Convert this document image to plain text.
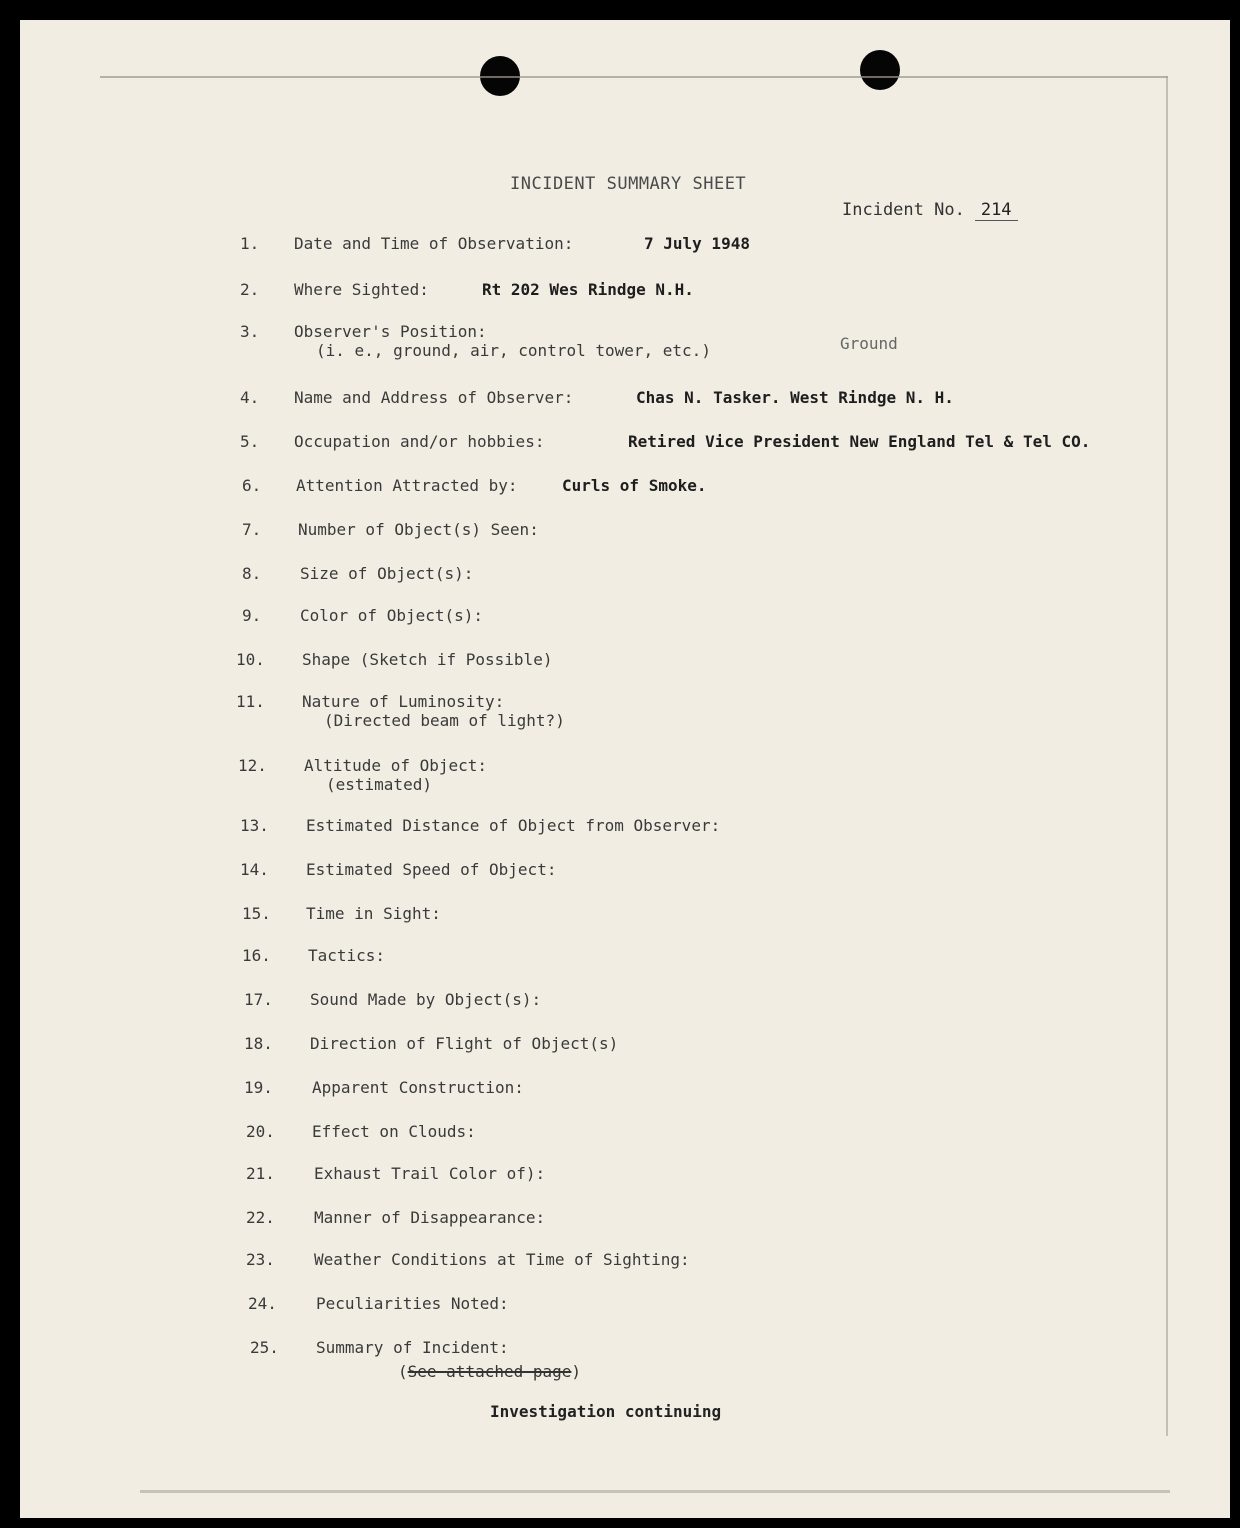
INCIDENT SUMMARY SHEET
Incident No. 214
1.	Date and Time of Observation:	7 July 1948
2.	Where Sighted:	Rt 202 Wes Rindge N.H.
3.	Observer's Position:
(i. e., ground, air, control tower, etc.)	Ground
4.	Name and Address of Observer:	Chas N. Tasker. West Rindge N. H.
5.	Occupation and/or hobbies:	Retired Vice President New England Tel & Tel CO.
6.	Attention Attracted by:	Curls of Smoke.
7.	Number of Object(s) Seen:
8.	Size of Object(s):
9.	Color of Object(s):
10.	Shape (Sketch if Possible)
11.	Nature of Luminosity:
(Directed beam of light?)
12.	Altitude of Object:
(estimated)
13.	Estimated Distance of Object from Observer:
14.	Estimated Speed of Object:
15.	Time in Sight:
16.	Tactics:
17.	Sound Made by Object(s):
18.	Direction of Flight of Object(s)
19.	Apparent Construction:
20.	Effect on Clouds:
21.	Exhaust Trail Color of):
22.	Manner of Disappearance:
23.	Weather Conditions at Time of Sighting:
24.	Peculiarities Noted:
25.	Summary of Incident:
(See attached page)
Investigation continuing
